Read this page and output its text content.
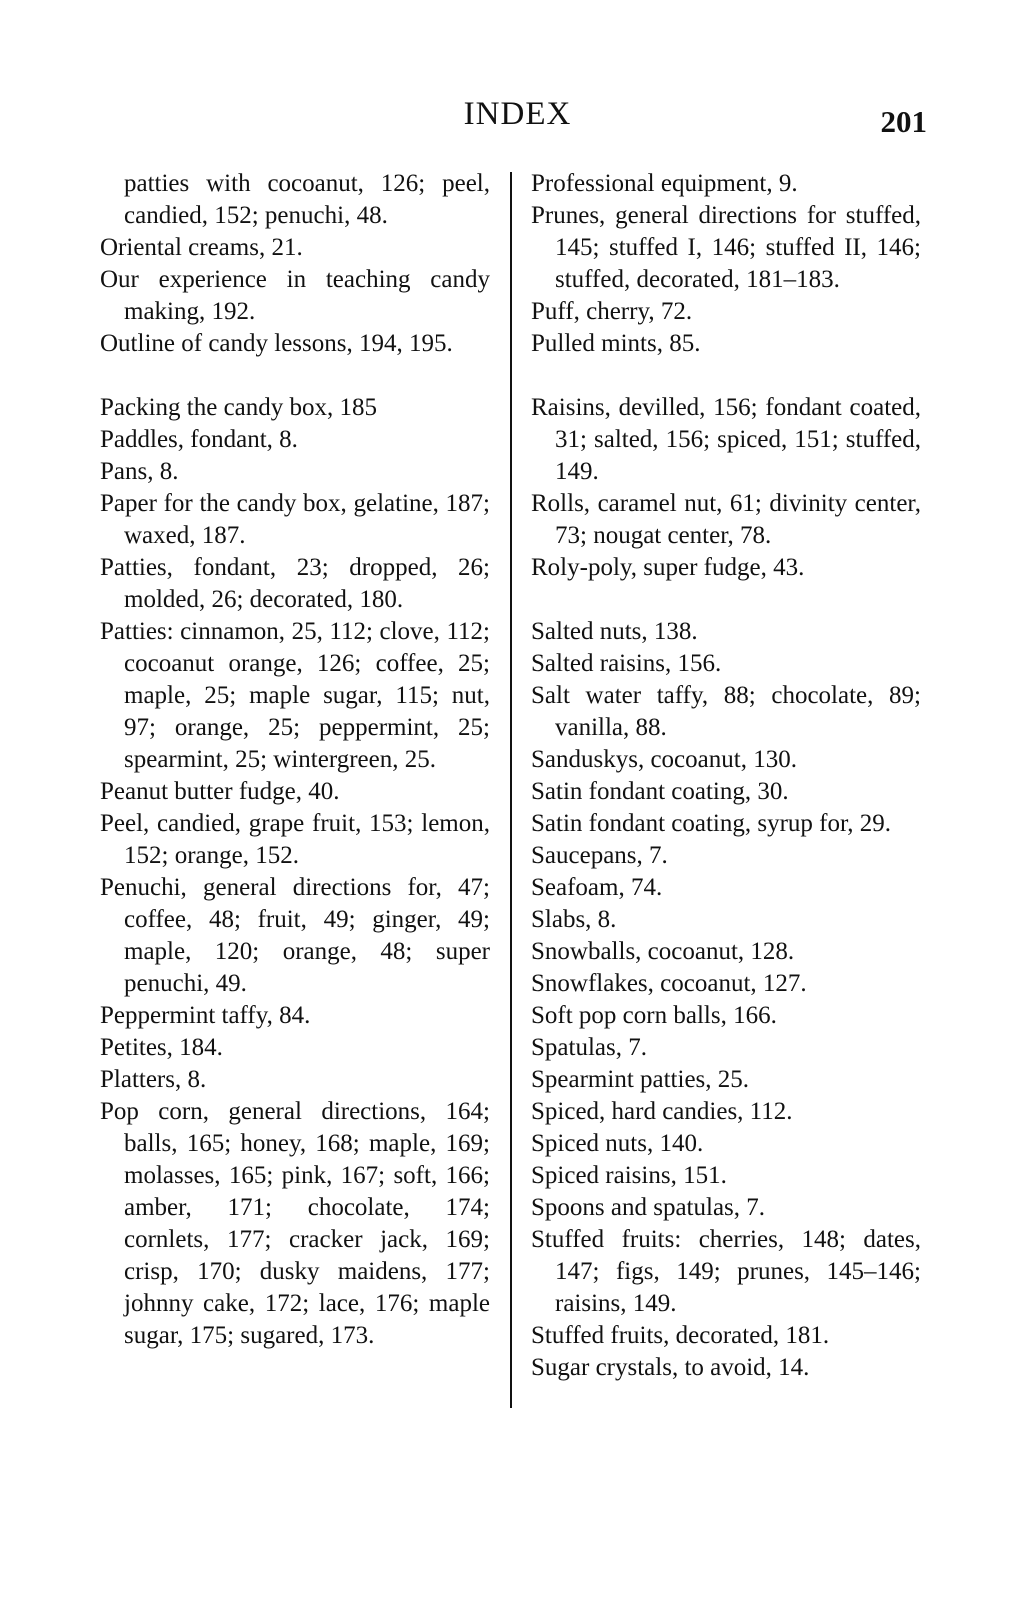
INDEX	201

patties with cocoanut, 126; peel, candied, 152; penuchi, 48.

Oriental creams, 21.

Our experience in teaching candy making, 192.

Outline of candy lessons, 194, 195.

Packing the candy box, 185

Paddles, fondant, 8.

Pans, 8.

Paper for the candy box, gelatine, 187; waxed, 187.

Patties, fondant, 23; dropped, 26; molded, 26; decorated, 180.

Patties: cinnamon, 25, 112; clove, 112; cocoanut orange, 126; coffee, 25; maple, 25; maple sugar, 115; nut, 97; orange, 25; peppermint, 25; spearmint, 25; wintergreen, 25.

Peanut butter fudge, 40.

Peel, candied, grape fruit, 153; lemon, 152; orange, 152.

Penuchi, general directions for, 47; coffee, 48; fruit, 49; ginger, 49; maple, 120; orange, 48; super penuchi, 49.

Peppermint taffy, 84.

Petites, 184.

Platters, 8.

Pop corn, general directions, 164; balls, 165; honey, 168; maple, 169; molasses, 165; pink, 167; soft, 166; amber, 171; chocolate, 174; cornlets, 177; cracker jack, 169; crisp, 170; dusky maidens, 177; johnny cake, 172; lace, 176; maple sugar, 175; sugared, 173.

Professional equipment, 9.

Prunes, general directions for stuffed, 145; stuffed I, 146; stuffed II, 146; stuffed, decorated, 181–183.

Puff, cherry, 72.

Pulled mints, 85.

Raisins, devilled, 156; fondant coated, 31; salted, 156; spiced, 151; stuffed, 149.

Rolls, caramel nut, 61; divinity center, 73; nougat center, 78.

Roly-poly, super fudge, 43.

Salted nuts, 138.

Salted raisins, 156.

Salt water taffy, 88; chocolate, 89; vanilla, 88.

Sanduskys, cocoanut, 130.

Satin fondant coating, 30.

Satin fondant coating, syrup for, 29.

Saucepans, 7.

Seafoam, 74.

Slabs, 8.

Snowballs, cocoanut, 128.

Snowflakes, cocoanut, 127.

Soft pop corn balls, 166.

Spatulas, 7.

Spearmint patties, 25.

Spiced, hard candies, 112.

Spiced nuts, 140.

Spiced raisins, 151.

Spoons and spatulas, 7.

Stuffed fruits: cherries, 148; dates, 147; figs, 149; prunes, 145–146; raisins, 149.

Stuffed fruits, decorated, 181.

Sugar crystals, to avoid, 14.
